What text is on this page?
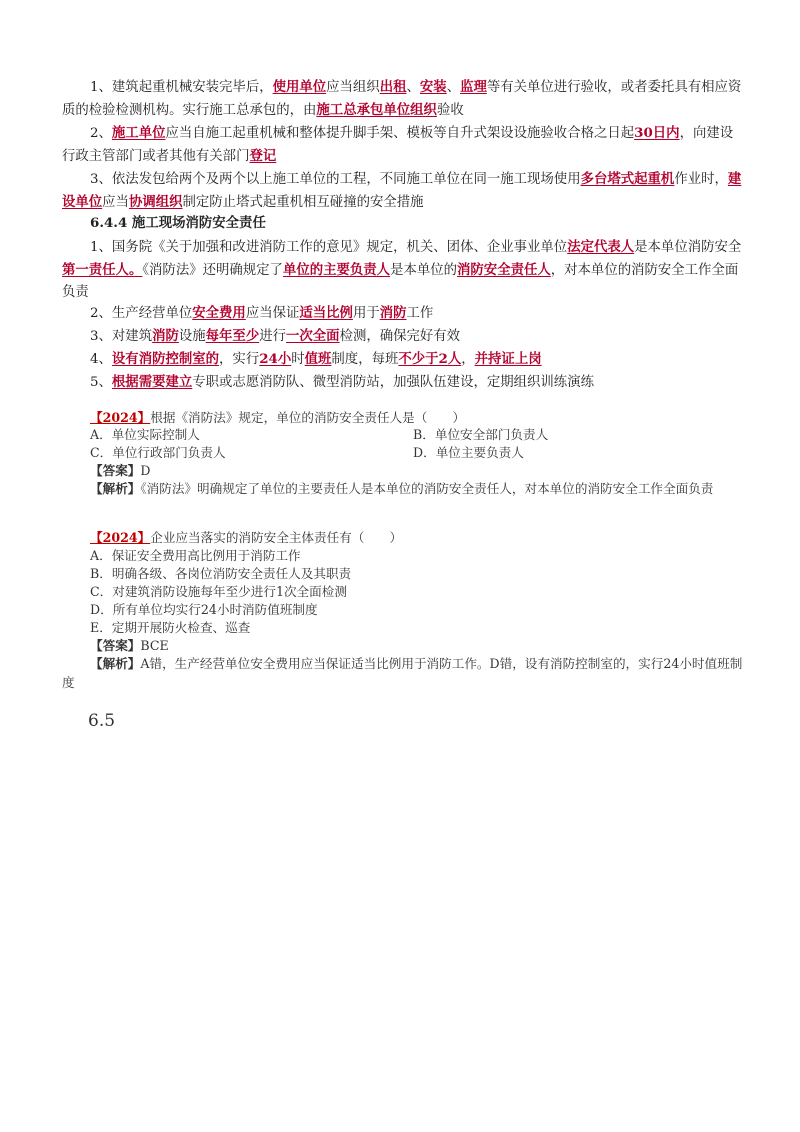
1、建筑起重机械安装完毕后，使用单位应当组织出租、安装、监理等有关单位进行验收，或者委托具有相应资质的检验检测机构。实行施工总承包的，由施工总承包单位组织验收
2、施工单位应当自施工起重机械和整体提升脚手架、模板等自升式架设设施验收合格之日起30日内，向建设行政主管部门或者其他有关部门登记
3、依法发包给两个及两个以上施工单位的工程，不同施工单位在同一施工现场使用多台塔式起重机作业时，建设单位应当协调组织制定防止塔式起重机相互碰撞的安全措施
6.4.4 施工现场消防安全责任
1、国务院《关于加强和改进消防工作的意见》规定，机关、团体、企业事业单位法定代表人是本单位消防安全第一责任人。《消防法》还明确规定了单位的主要负责人是本单位的消防安全责任人，对本单位的消防安全工作全面负责
2、生产经营单位安全费用应当保证适当比例用于消防工作
3、对建筑消防设施每年至少进行一次全面检测，确保完好有效
4、设有消防控制室的，实行24小时值班制度，每班不少于2人，并持证上岗
5、根据需要建立专职或志愿消防队、微型消防站，加强队伍建设，定期组织训练演练
【2024】根据《消防法》规定，单位的消防安全责任人是（　　）
A．单位实际控制人	B．单位安全部门负责人
C．单位行政部门负责人	D．单位主要负责人
【答案】D
【解析】《消防法》明确规定了单位的主要责任人是本单位的消防安全责任人，对本单位的消防安全工作全面负责
【2024】企业应当落实的消防安全主体责任有（　　）
A．保证安全费用高比例用于消防工作
B．明确各级、各岗位消防安全责任人及其职责
C．对建筑消防设施每年至少进行1次全面检测
D．所有单位均实行24小时消防值班制度
E．定期开展防火检查、巡查
【答案】BCE
【解析】A错，生产经营单位安全费用应当保证适当比例用于消防工作。D错，设有消防控制室的，实行24小时值班制度
6.5
